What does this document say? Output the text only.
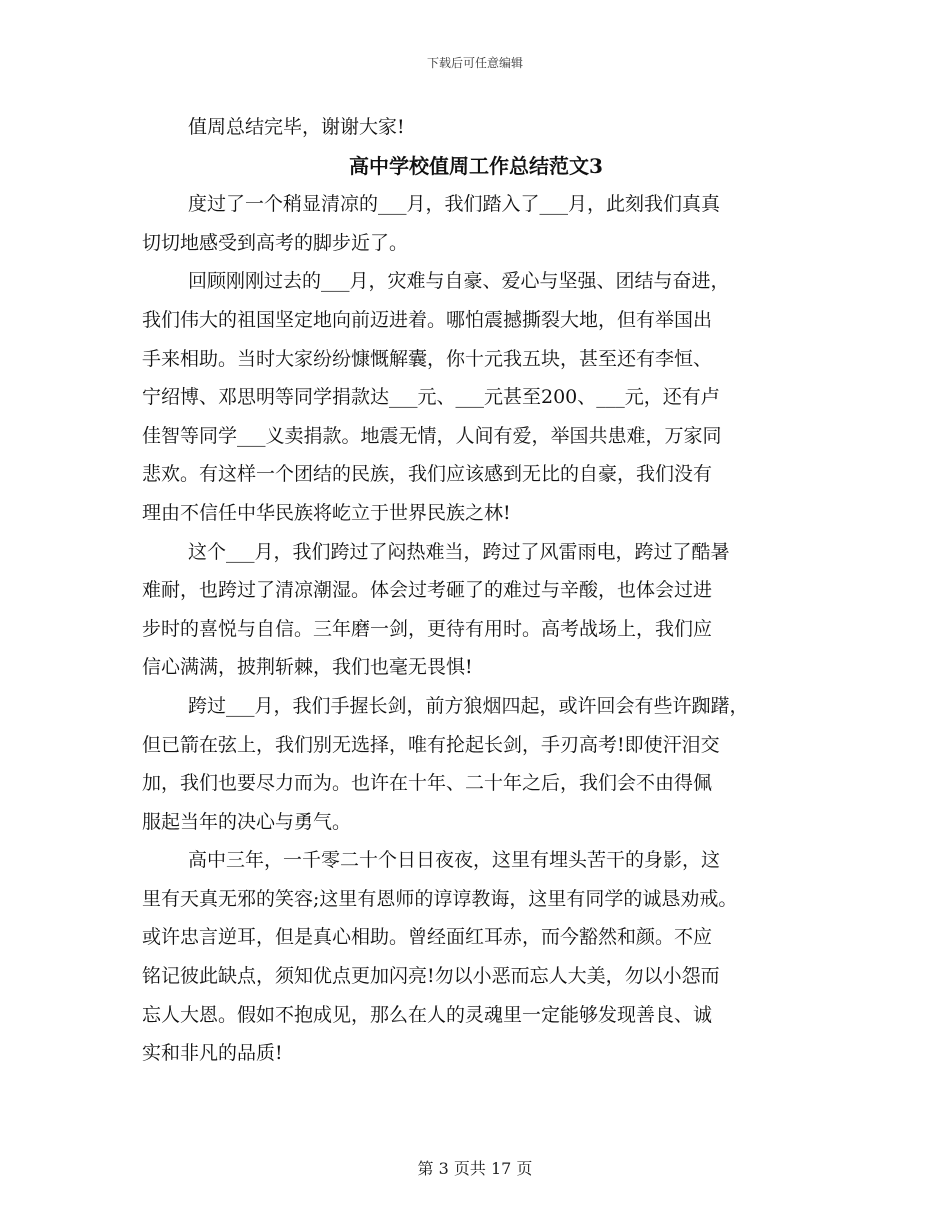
下载后可任意编辑
值周总结完毕，谢谢大家!
高中学校值周工作总结范文3
度过了一个稍显清凉的___月，我们踏入了___月，此刻我们真真
切切地感受到高考的脚步近了。
回顾刚刚过去的___月，灾难与自豪、爱心与坚强、团结与奋进，
我们伟大的祖国坚定地向前迈进着。哪怕震撼撕裂大地，但有举国出
手来相助。当时大家纷纷慷慨解囊，你十元我五块，甚至还有李恒、
宁绍博、邓思明等同学捐款达___元、___元甚至200、___元，还有卢
佳智等同学___义卖捐款。地震无情，人间有爱，举国共患难，万家同
悲欢。有这样一个团结的民族，我们应该感到无比的自豪，我们没有
理由不信任中华民族将屹立于世界民族之林!
这个___月，我们跨过了闷热难当，跨过了风雷雨电，跨过了酷暑
难耐，也跨过了清凉潮湿。体会过考砸了的难过与辛酸，也体会过进
步时的喜悦与自信。三年磨一剑，更待有用时。高考战场上，我们应
信心满满，披荆斩棘，我们也毫无畏惧!
跨过___月，我们手握长剑，前方狼烟四起，或许回会有些许踟躇，
但已箭在弦上，我们别无选择，唯有抡起长剑，手刃高考!即使汗泪交
加，我们也要尽力而为。也许在十年、二十年之后，我们会不由得佩
服起当年的决心与勇气。
高中三年，一千零二十个日日夜夜，这里有埋头苦干的身影，这
里有天真无邪的笑容;这里有恩师的谆谆教诲，这里有同学的诚恳劝戒。
或许忠言逆耳，但是真心相助。曾经面红耳赤，而今豁然和颜。不应
铭记彼此缺点，须知优点更加闪亮!勿以小恶而忘人大美，勿以小怨而
忘人大恩。假如不抱成见，那么在人的灵魂里一定能够发现善良、诚
实和非凡的品质!
第 3 页共 17 页
